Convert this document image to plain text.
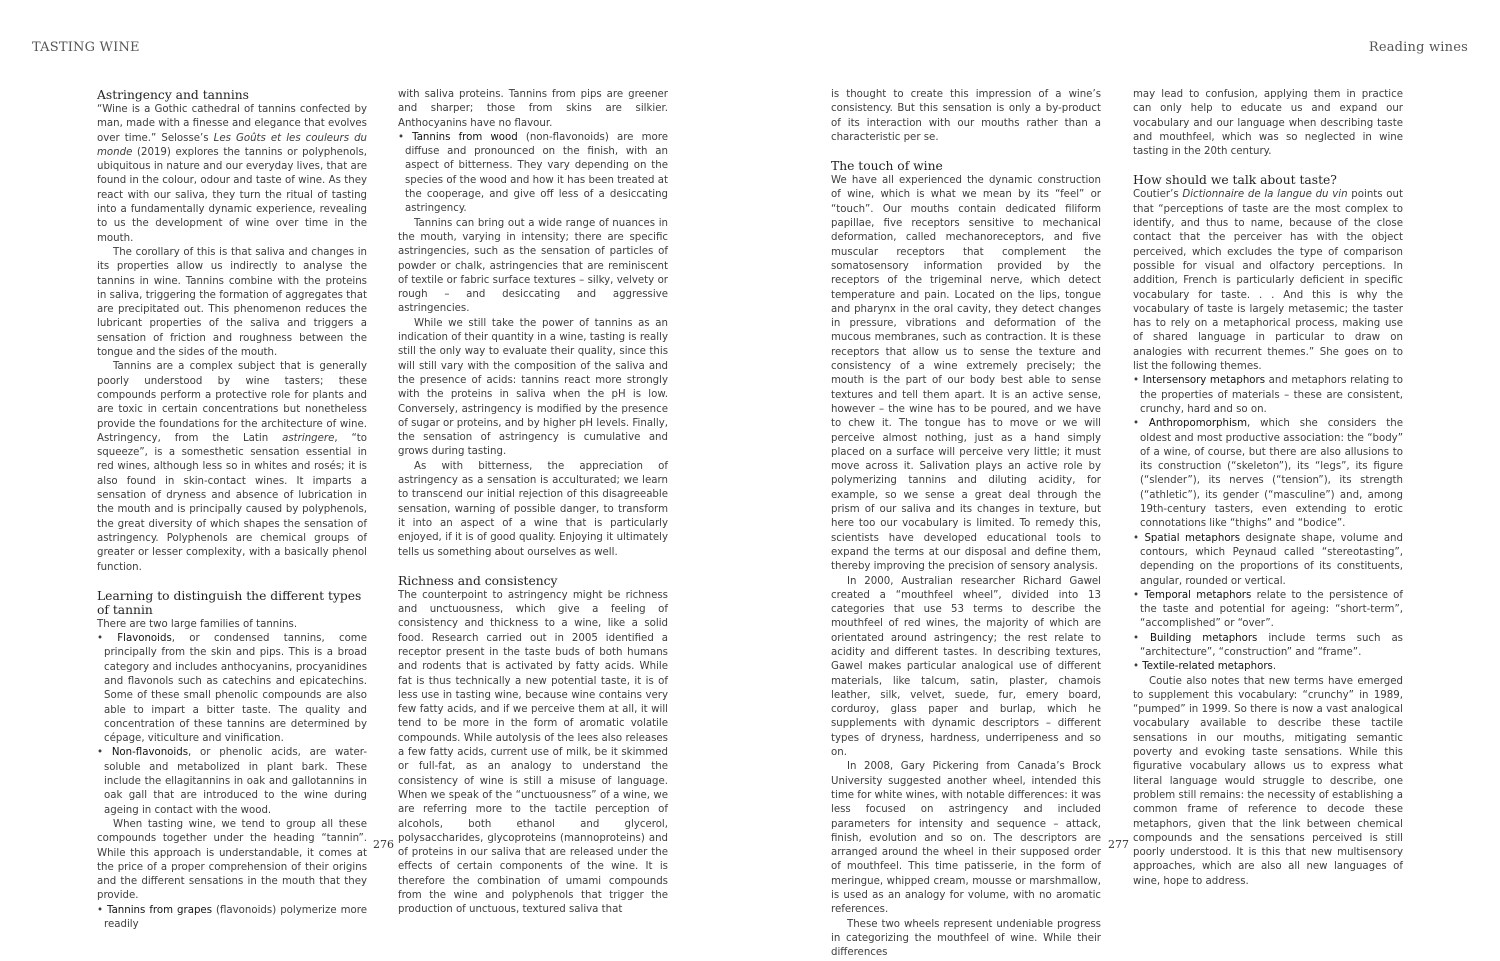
TASTING WINE	Reading wines
Astringency and tannins

“Wine is a Gothic cathedral of tannins confected by man, made with a finesse and elegance that evolves over time.” Selosse’s Les Goûts et les couleurs du monde (2019) explores the tannins or polyphenols, ubiquitous in nature and our everyday lives, that are found in the colour, odour and taste of wine. As they react with our saliva, they turn the ritual of tasting into a fundamentally dynamic experience, revealing to us the development of wine over time in the mouth.

The corollary of this is that saliva and changes in its properties allow us indirectly to analyse the tannins in wine. Tannins combine with the proteins in saliva, triggering the formation of aggregates that are precipitated out. This phenomenon reduces the lubricant properties of the saliva and triggers a sensation of friction and roughness between the tongue and the sides of the mouth.

Tannins are a complex subject that is generally poorly understood by wine tasters; these compounds perform a protective role for plants and are toxic in certain concentrations but nonetheless provide the foundations for the architecture of wine. Astringency, from the Latin astringere, “to squeeze”, is a somesthetic sensation essential in red wines, although less so in whites and rosés; it is also found in skin-contact wines. It imparts a sensation of dryness and absence of lubrication in the mouth and is principally caused by polyphenols, the great diversity of which shapes the sensation of astringency. Polyphenols are chemical groups of greater or lesser complexity, with a basically phenol function.

Learning to distinguish the different types of tannin

There are two large families of tannins.

• Flavonoids, or condensed tannins, come principally from the skin and pips. This is a broad category and includes anthocyanins, procyanidines and flavonols such as catechins and epicatechins. Some of these small phenolic compounds are also able to impart a bitter taste. The quality and concentration of these tannins are determined by cépage, viticulture and vinification.

• Non-flavonoids, or phenolic acids, are water-soluble and metabolized in plant bark. These include the ellagitannins in oak and gallotannins in oak gall that are introduced to the wine during ageing in contact with the wood.

When tasting wine, we tend to group all these compounds together under the heading “tannin”. While this approach is understandable, it comes at the price of a proper comprehension of their origins and the different sensations in the mouth that they provide.

• Tannins from grapes (flavonoids) polymerize more readily

with saliva proteins. Tannins from pips are greener and sharper; those from skins are silkier. Anthocyanins have no flavour.

• Tannins from wood (non-flavonoids) are more diffuse and pronounced on the finish, with an aspect of bitterness. They vary depending on the species of the wood and how it has been treated at the cooperage, and give off less of a desiccating astringency.

Tannins can bring out a wide range of nuances in the mouth, varying in intensity; there are specific astringencies, such as the sensation of particles of powder or chalk, astringencies that are reminiscent of textile or fabric surface textures – silky, velvety or rough – and desiccating and aggressive astringencies.

While we still take the power of tannins as an indication of their quantity in a wine, tasting is really still the only way to evaluate their quality, since this will still vary with the composition of the saliva and the presence of acids: tannins react more strongly with the proteins in saliva when the pH is low. Conversely, astringency is modified by the presence of sugar or proteins, and by higher pH levels. Finally, the sensation of astringency is cumulative and grows during tasting.

As with bitterness, the appreciation of astringency as a sensation is acculturated; we learn to transcend our initial rejection of this disagreeable sensation, warning of possible danger, to transform it into an aspect of a wine that is particularly enjoyed, if it is of good quality. Enjoying it ultimately tells us something about ourselves as well.

Richness and consistency

The counterpoint to astringency might be richness and unctuousness, which give a feeling of consistency and thickness to a wine, like a solid food. Research carried out in 2005 identified a receptor present in the taste buds of both humans and rodents that is activated by fatty acids. While fat is thus technically a new potential taste, it is of less use in tasting wine, because wine contains very few fatty acids, and if we perceive them at all, it will tend to be more in the form of aromatic volatile compounds. While autolysis of the lees also releases a few fatty acids, current use of milk, be it skimmed or full-fat, as an analogy to understand the consistency of wine is still a misuse of language. When we speak of the “unctuousness” of a wine, we are referring more to the tactile perception of alcohols, both ethanol and glycerol, polysaccharides, glycoproteins (mannoproteins) and of proteins in our saliva that are released under the effects of certain components of the wine. It is therefore the combination of umami compounds from the wine and polyphenols that trigger the production of unctuous, textured saliva that

is thought to create this impression of a wine’s consistency. But this sensation is only a by-product of its interaction with our mouths rather than a characteristic per se.

The touch of wine

We have all experienced the dynamic construction of wine, which is what we mean by its “feel” or “touch”. Our mouths contain dedicated filiform papillae, five receptors sensitive to mechanical deformation, called mechanoreceptors, and five muscular receptors that complement the somatosensory information provided by the receptors of the trigeminal nerve, which detect temperature and pain. Located on the lips, tongue and pharynx in the oral cavity, they detect changes in pressure, vibrations and deformation of the mucous membranes, such as contraction. It is these receptors that allow us to sense the texture and consistency of a wine extremely precisely; the mouth is the part of our body best able to sense textures and tell them apart. It is an active sense, however – the wine has to be poured, and we have to chew it. The tongue has to move or we will perceive almost nothing, just as a hand simply placed on a surface will perceive very little; it must move across it. Salivation plays an active role by polymerizing tannins and diluting acidity, for example, so we sense a great deal through the prism of our saliva and its changes in texture, but here too our vocabulary is limited. To remedy this, scientists have developed educational tools to expand the terms at our disposal and define them, thereby improving the precision of sensory analysis.

In 2000, Australian researcher Richard Gawel created a “mouthfeel wheel”, divided into 13 categories that use 53 terms to describe the mouthfeel of red wines, the majority of which are orientated around astringency; the rest relate to acidity and different tastes. In describing textures, Gawel makes particular analogical use of different materials, like talcum, satin, plaster, chamois leather, silk, velvet, suede, fur, emery board, corduroy, glass paper and burlap, which he supplements with dynamic descriptors – different types of dryness, hardness, underripeness and so on.

In 2008, Gary Pickering from Canada’s Brock University suggested another wheel, intended this time for white wines, with notable differences: it was less focused on astringency and included parameters for intensity and sequence – attack, finish, evolution and so on. The descriptors are arranged around the wheel in their supposed order of mouthfeel. This time patisserie, in the form of meringue, whipped cream, mousse or marshmallow, is used as an analogy for volume, with no aromatic references.

These two wheels represent undeniable progress in categorizing the mouthfeel of wine. While their differences

may lead to confusion, applying them in practice can only help to educate us and expand our vocabulary and our language when describing taste and mouthfeel, which was so neglected in wine tasting in the 20th century.

How should we talk about taste?

Coutier’s Dictionnaire de la langue du vin points out that “perceptions of taste are the most complex to identify, and thus to name, because of the close contact that the perceiver has with the object perceived, which excludes the type of comparison possible for visual and olfactory perceptions. In addition, French is particularly deficient in specific vocabulary for taste. . . And this is why the vocabulary of taste is largely metasemic; the taster has to rely on a metaphorical process, making use of shared language in particular to draw on analogies with recurrent themes.” She goes on to list the following themes.

• Intersensory metaphors and metaphors relating to the properties of materials – these are consistent, crunchy, hard and so on.

• Anthropomorphism, which she considers the oldest and most productive association: the “body” of a wine, of course, but there are also allusions to its construction (“skeleton”), its “legs”, its figure (“slender”), its nerves (“tension”), its strength (“athletic”), its gender (“masculine”) and, among 19th-century tasters, even extending to erotic connotations like “thighs” and “bodice”.

• Spatial metaphors designate shape, volume and contours, which Peynaud called “stereotasting”, depending on the proportions of its constituents, angular, rounded or vertical.

• Temporal metaphors relate to the persistence of the taste and potential for ageing: “short-term”, “accomplished” or “over”.

• Building metaphors include terms such as “architecture”, “construction” and “frame”.

• Textile-related metaphors.

Coutie also notes that new terms have emerged to supplement this vocabulary: “crunchy” in 1989, “pumped” in 1999. So there is now a vast analogical vocabulary available to describe these tactile sensations in our mouths, mitigating semantic poverty and evoking taste sensations. While this figurative vocabulary allows us to express what literal language would struggle to describe, one problem still remains: the necessity of establishing a common frame of reference to decode these metaphors, given that the link between chemical compounds and the sensations perceived is still poorly understood. It is this that new multisensory approaches, which are also all new languages of wine, hope to address.

276	277
